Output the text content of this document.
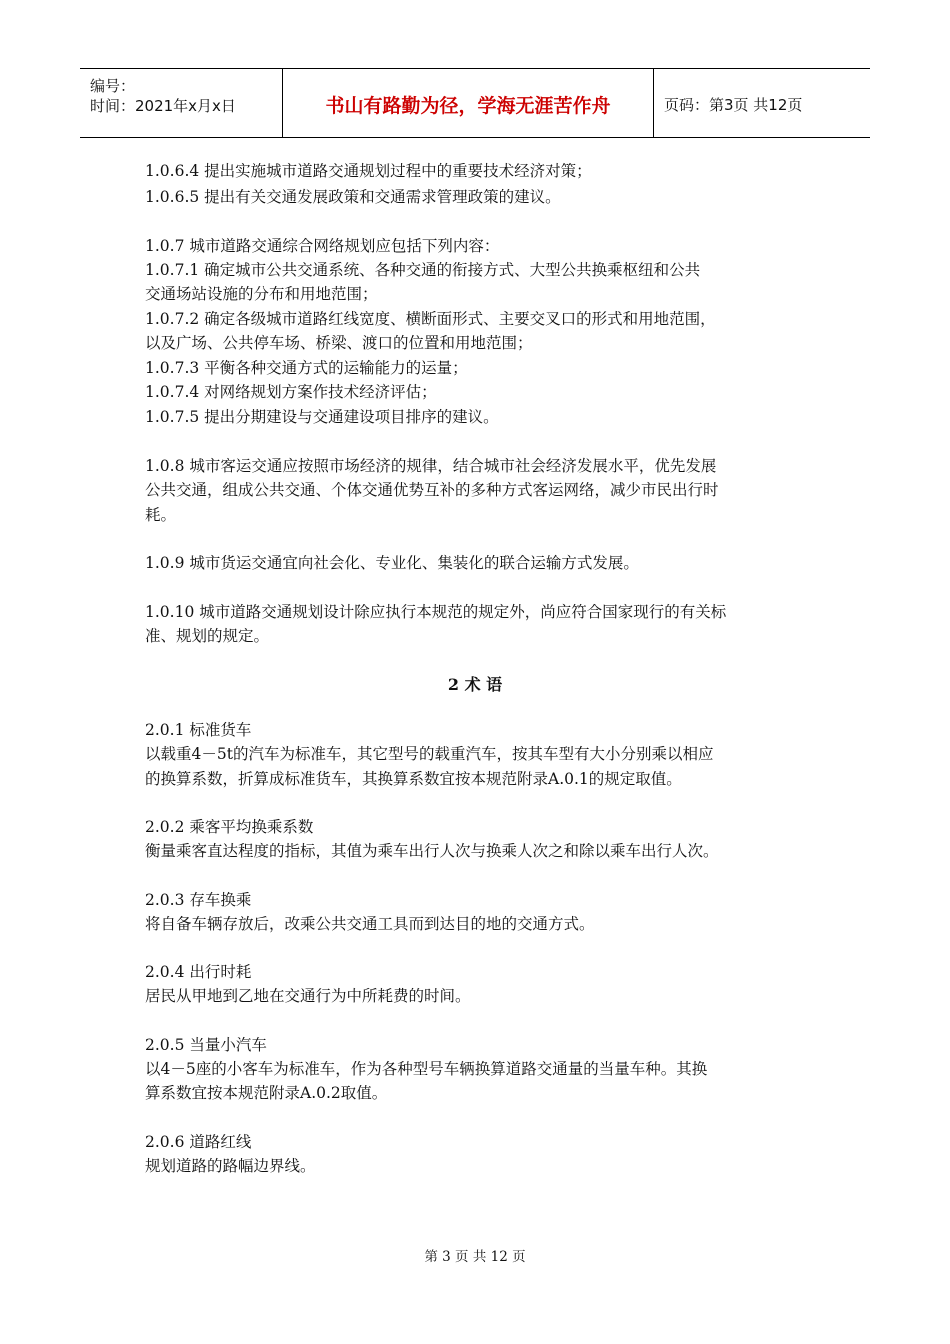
编号：
时间：2021年x月x日	书山有路勤为径，学海无涯苦作舟	页码：第3页 共12页
1.0.6.4 提出实施城市道路交通规划过程中的重要技术经济对策；
1.0.6.5 提出有关交通发展政策和交通需求管理政策的建议。
1.0.7 城市道路交通综合网络规划应包括下列内容：
1.0.7.1 确定城市公共交通系统、各种交通的衔接方式、大型公共换乘枢纽和公共
交通场站设施的分布和用地范围；
1.0.7.2 确定各级城市道路红线宽度、横断面形式、主要交叉口的形式和用地范围，
以及广场、公共停车场、桥梁、渡口的位置和用地范围；
1.0.7.3 平衡各种交通方式的运输能力的运量；
1.0.7.4 对网络规划方案作技术经济评估；
1.0.7.5 提出分期建设与交通建设项目排序的建议。
1.0.8 城市客运交通应按照市场经济的规律，结合城市社会经济发展水平，优先发展
公共交通，组成公共交通、个体交通优势互补的多种方式客运网络，减少市民出行时
耗。
1.0.9 城市货运交通宜向社会化、专业化、集装化的联合运输方式发展。
1.0.10 城市道路交通规划设计除应执行本规范的规定外，尚应符合国家现行的有关标
准、规划的规定。
2 术 语
2.0.1 标准货车
以载重4－5t的汽车为标准车，其它型号的载重汽车，按其车型有大小分别乘以相应
的换算系数，折算成标准货车，其换算系数宜按本规范附录A.0.1的规定取值。
2.0.2 乘客平均换乘系数
衡量乘客直达程度的指标，其值为乘车出行人次与换乘人次之和除以乘车出行人次。
2.0.3 存车换乘
将自备车辆存放后，改乘公共交通工具而到达目的地的交通方式。
2.0.4 出行时耗
居民从甲地到乙地在交通行为中所耗费的时间。
2.0.5 当量小汽车
以4－5座的小客车为标准车，作为各种型号车辆换算道路交通量的当量车种。其换
算系数宜按本规范附录A.0.2取值。
2.0.6 道路红线
规划道路的路幅边界线。
第 3 页 共 12 页
